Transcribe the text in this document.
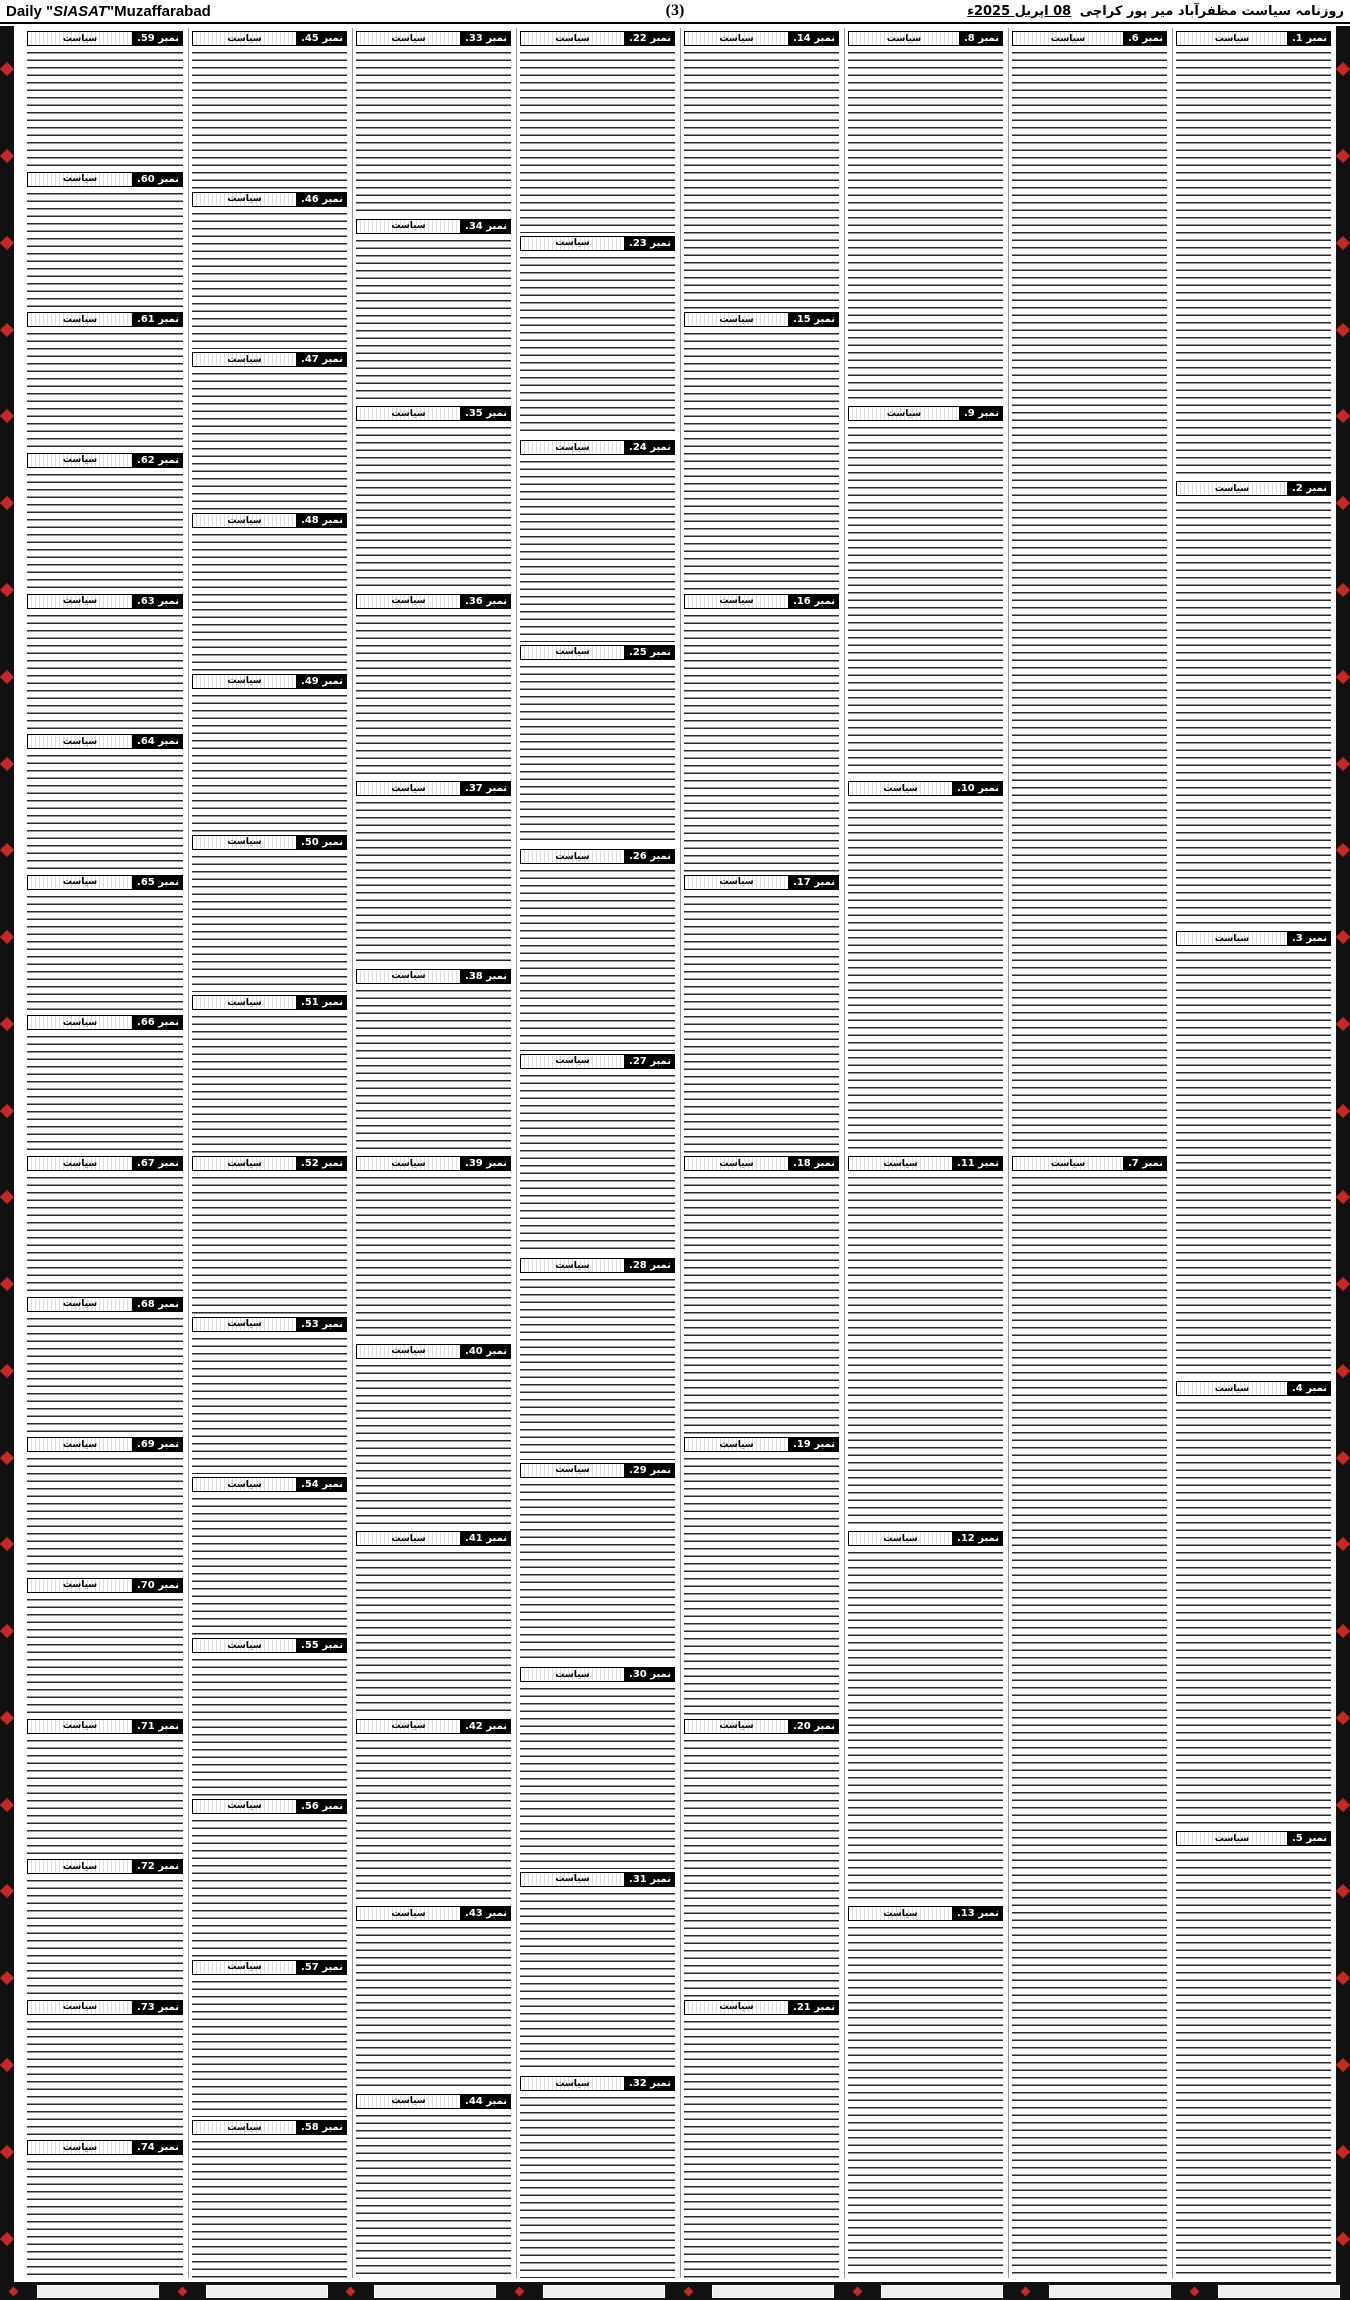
Daily "SIASAT"Muzaffarabad	(3)	روزنامہ سیاست مظفرآباد میر پور کراچی 08 اپریل 2025ء
نمبر 1.
سیاست
نمبر 2.
سیاست
نمبر 3.
سیاست
نمبر 4.
سیاست
نمبر 5.
سیاست
نمبر 6.
سیاست
نمبر 7.
سیاست
نمبر 8.
سیاست
نمبر 9.
سیاست
نمبر 10.
سیاست
نمبر 11.
سیاست
نمبر 12.
سیاست
نمبر 13.
سیاست
نمبر 14.
سیاست
نمبر 15.
سیاست
نمبر 16.
سیاست
نمبر 17.
سیاست
نمبر 18.
سیاست
نمبر 19.
سیاست
نمبر 20.
سیاست
نمبر 21.
سیاست
نمبر 22.
سیاست
نمبر 23.
سیاست
نمبر 24.
سیاست
نمبر 25.
سیاست
نمبر 26.
سیاست
نمبر 27.
سیاست
نمبر 28.
سیاست
نمبر 29.
سیاست
نمبر 30.
سیاست
نمبر 31.
سیاست
نمبر 32.
سیاست
نمبر 33.
سیاست
نمبر 34.
سیاست
نمبر 35.
سیاست
نمبر 36.
سیاست
نمبر 37.
سیاست
نمبر 38.
سیاست
نمبر 39.
سیاست
نمبر 40.
سیاست
نمبر 41.
سیاست
نمبر 42.
سیاست
نمبر 43.
سیاست
نمبر 44.
سیاست
نمبر 45.
سیاست
نمبر 46.
سیاست
نمبر 47.
سیاست
نمبر 48.
سیاست
نمبر 49.
سیاست
نمبر 50.
سیاست
نمبر 51.
سیاست
نمبر 52.
سیاست
نمبر 53.
سیاست
نمبر 54.
سیاست
نمبر 55.
سیاست
نمبر 56.
سیاست
نمبر 57.
سیاست
نمبر 58.
سیاست
نمبر 59.
سیاست
نمبر 60.
سیاست
نمبر 61.
سیاست
نمبر 62.
سیاست
نمبر 63.
سیاست
نمبر 64.
سیاست
نمبر 65.
سیاست
نمبر 66.
سیاست
نمبر 67.
سیاست
نمبر 68.
سیاست
نمبر 69.
سیاست
نمبر 70.
سیاست
نمبر 71.
سیاست
نمبر 72.
سیاست
نمبر 73.
سیاست
نمبر 74.
سیاست
